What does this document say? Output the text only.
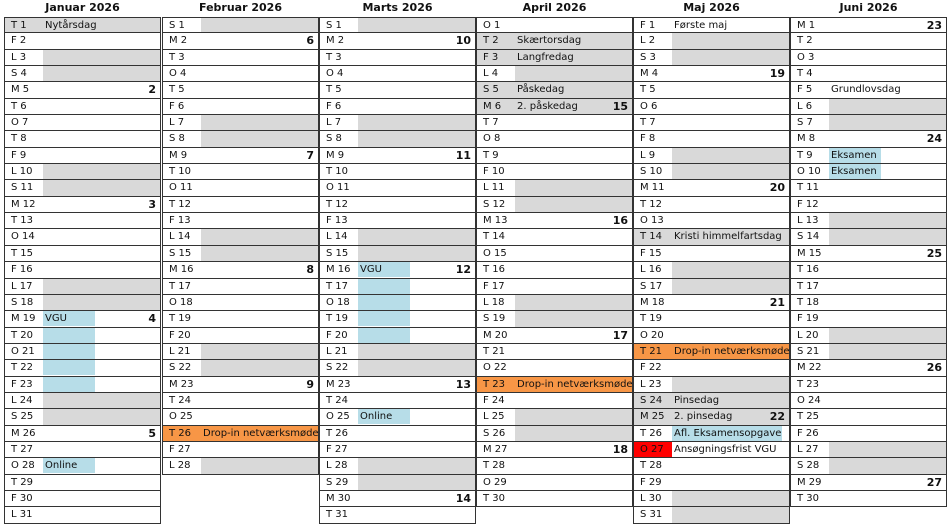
Januar 2026
T 1	Nytårsdag
F 2
L 3
S 4
M 5	2
T 6
O 7
T 8
F 9
L 10
S 11
M 12	3
T 13
O 14
T 15
F 16
L 17
S 18
M 19 VGU	4
T 20
O 21
T 22
F 23
L 24
S 25
M 26	5
T 27
O 28	Online
T 29
F 30
L 31
Februar 2026
S 1
M 2	6
T 3
O 4
T 5
F 6
L 7
S 8
M 9	7
T 10
O 11
T 12
F 13
L 14
S 15
M 16	8
T 17
O 18
T 19
F 20
L 21
S 22
M 23	9
T 24
O 25
T 26	Drop-in netværksmøde
F 27
L 28
Marts 2026
S 1
M 2	10
T 3
O 4
T 5
F 6
L 7
S 8
M 9	11
T 10
O 11
T 12
F 13
L 14
S 15
M 16 VGU	12
T 17
O 18
T 19
F 20
L 21
S 22
M 23	13
T 24
O 25	Online
T 26
F 27
L 28
S 29
M 30	14
T 31
April 2026
O 1
T 2	Skærtorsdag
F 3	Langfredag
L 4
S 5	Påskedag
M 6	2. påskedag	15
T 7
O 8
T 9
F 10
L 11
S 12
M 13	16
T 14
O 15
T 16
F 17
L 18
S 19
M 20	17
T 21
O 22
T 23	Drop-in netværksmøde
F 24
L 25
S 26
M 27	18
T 28
O 29
T 30
Maj 2026
F 1	Første maj
L 2
S 3
M 4	19
T 5
O 6
T 7
F 8
L 9
S 10
M 11	20
T 12
O 13
T 14	Kristi himmelfartsdag
F 15
L 16
S 17
M 18	21
T 19
O 20
T 21	Drop-in netværksmøde
F 22
L 23
S 24	Pinsedag
M 25 2. pinsedag	22
T 26	Afl. Eksamensopgave
O 27	Ansøgningsfrist VGU
T 28
F 29
L 30
S 31
Juni 2026
M 1	23
T 2
O 3
T 4
F 5	Grundlovsdag
L 6
S 7
M 8	24
T 9	Eksamen
O 10	Eksamen
T 11
F 12
L 13
S 14
M 15	25
T 16
T 17
T 18
F 19
L 20
S 21
M 22	26
T 23
O 24
T 25
F 26
L 27
S 28
M 29	27
T 30
